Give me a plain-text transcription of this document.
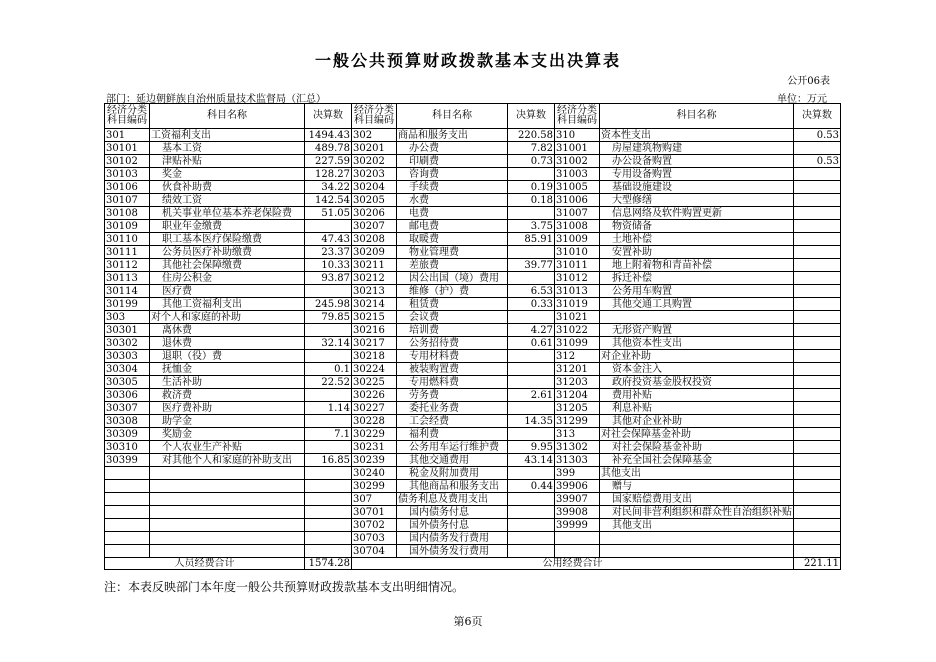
一般公共预算财政拨款基本支出决算表
公开06表
部门：延边朝鲜族自治州质量技术监督局（汇总）	单位：万元
经济分类科目编码	科目名称	决算数	经济分类科目编码	科目名称	决算数	经济分类科目编码	科目名称	决算数
301	工资福利支出	1494.43	302	商品和服务支出	220.58	310	资本性支出	0.53
30101	基本工资	489.78	30201	办公费	7.82	31001	房屋建筑物购建	
30102	津贴补贴	227.59	30202	印刷费	0.73	31002	办公设备购置	0.53
30103	奖金	128.27	30203	咨询费		31003	专用设备购置	
30106	伙食补助费	34.22	30204	手续费	0.19	31005	基础设施建设	
30107	绩效工资	142.54	30205	水费	0.18	31006	大型修缮	
30108	机关事业单位基本养老保险费	51.05	30206	电费		31007	信息网络及软件购置更新	
30109	职业年金缴费		30207	邮电费	3.75	31008	物资储备	
30110	职工基本医疗保险缴费	47.43	30208	取暖费	85.91	31009	土地补偿	
30111	公务员医疗补助缴费	23.37	30209	物业管理费		31010	安置补助	
30112	其他社会保障缴费	10.33	30211	差旅费	39.77	31011	地上附着物和青苗补偿	
30113	住房公积金	93.87	30212	因公出国（境）费用		31012	拆迁补偿	
30114	医疗费		30213	维修（护）费	6.53	31013	公务用车购置	
30199	其他工资福利支出	245.98	30214	租赁费	0.33	31019	其他交通工具购置	
303	对个人和家庭的补助	79.85	30215	会议费		31021		
30301	离休费		30216	培训费	4.27	31022	无形资产购置	
30302	退休费	32.14	30217	公务招待费	0.61	31099	其他资本性支出	
30303	退职（役）费		30218	专用材料费		312	对企业补助	
30304	抚恤金	0.1	30224	被装购置费		31201	资本金注入	
30305	生活补助	22.52	30225	专用燃料费		31203	政府投资基金股权投资	
30306	救济费		30226	劳务费	2.61	31204	费用补贴	
30307	医疗费补助	1.14	30227	委托业务费		31205	利息补贴	
30308	助学金		30228	工会经费	14.35	31299	其他对企业补助	
30309	奖励金	7.1	30229	福利费		313	对社会保障基金补助	
30310	个人农业生产补贴		30231	公务用车运行维护费	9.95	31302	对社会保险基金补助	
30399	对其他个人和家庭的补助支出	16.85	30239	其他交通费用	43.14	31303	补充全国社会保障基金	
			30240	税金及附加费用		399	其他支出	
			30299	其他商品和服务支出	0.44	39906	赠与	
			307	债务利息及费用支出		39907	国家赔偿费用支出	
			30701	国内债务付息		39908	对民间非营利组织和群众性自治组织补贴	
			30702	国外债务付息		39999	其他支出	
			30703	国内债务发行费用				
			30704	国外债务发行费用				
人员经费合计		1574.28	公用经费合计					221.11
注：本表反映部门本年度一般公共预算财政拨款基本支出明细情况。
第6页
